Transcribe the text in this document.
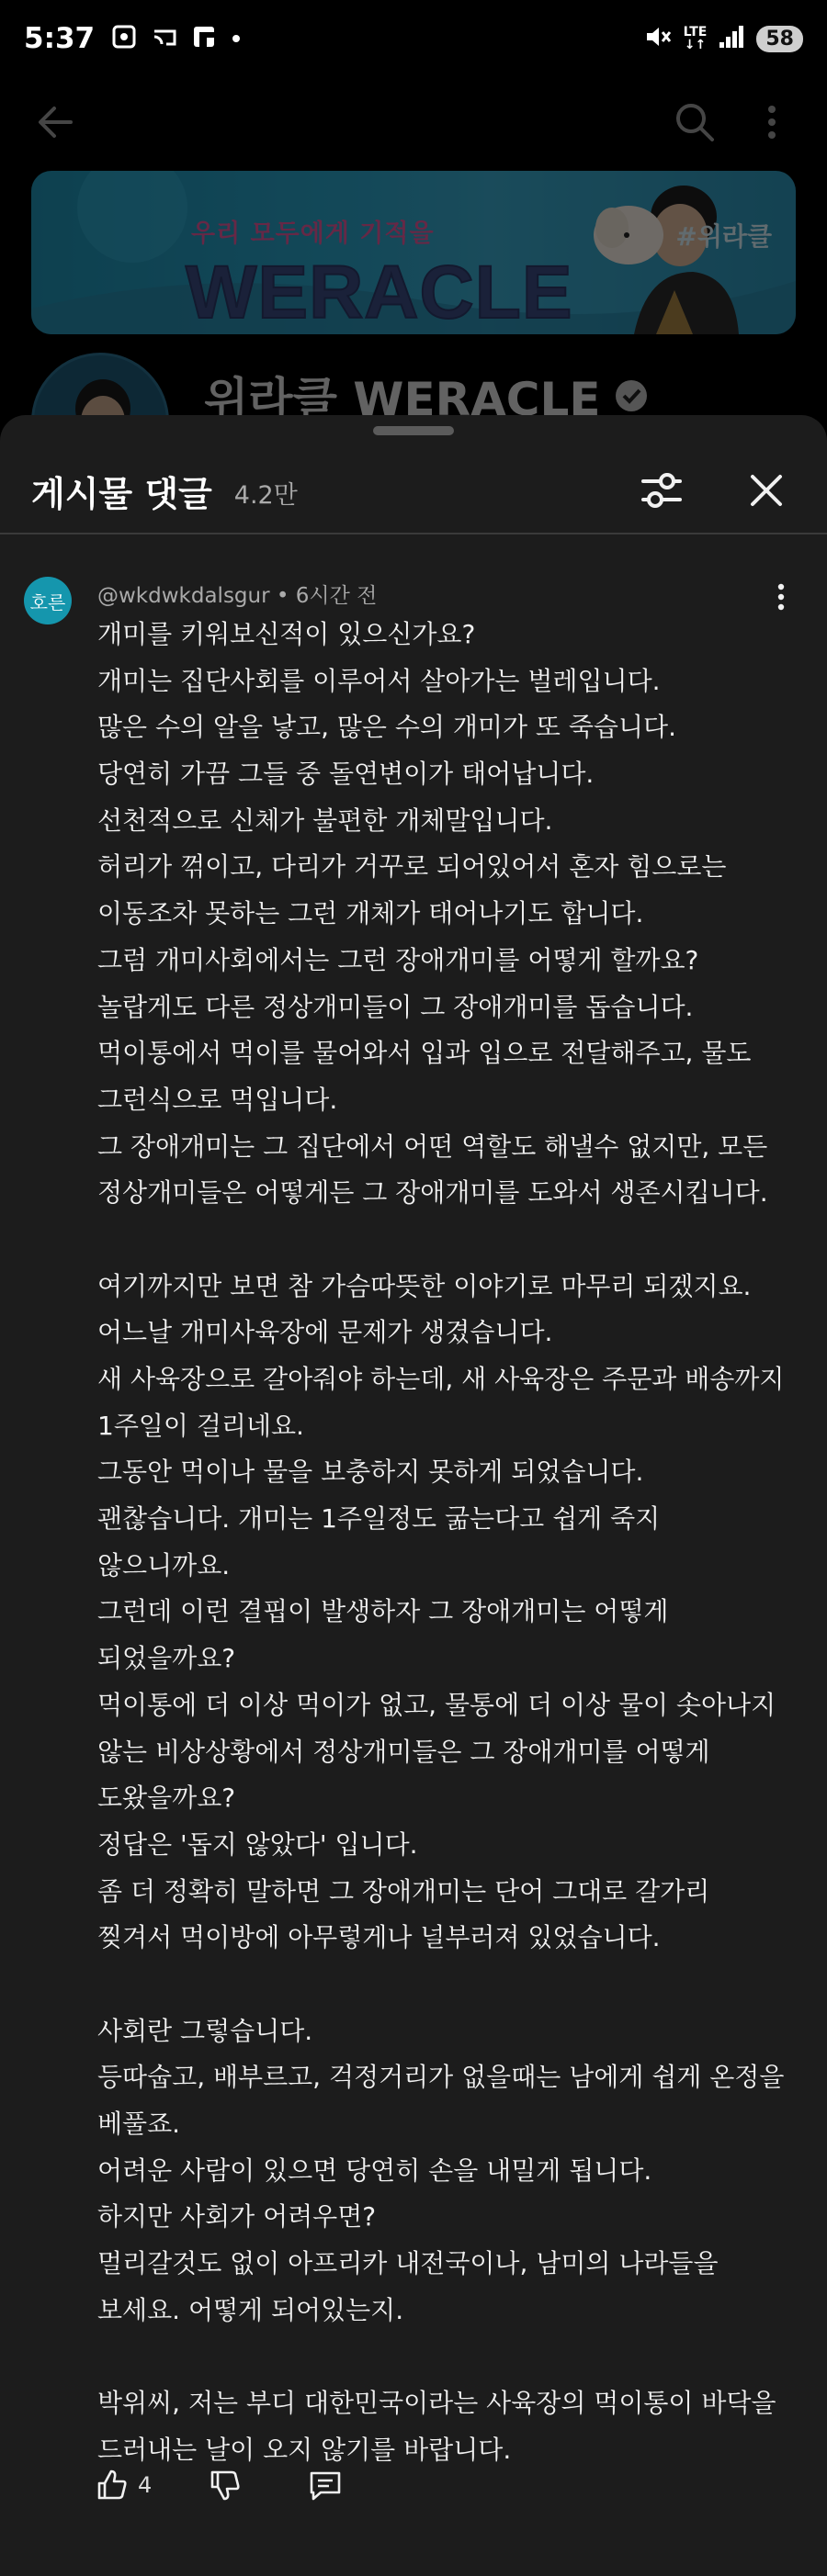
5:37	LTE
↓↑	58
게시물 댓글 4.2만
호른 @wkdwkdalsgur • 6시간 전
개미를 키워보신적이 있으신가요?
개미는 집단사회를 이루어서 살아가는 벌레입니다.
많은 수의 알을 낳고, 많은 수의 개미가 또 죽습니다.
당연히 가끔 그들 중 돌연변이가 태어납니다.
선천적으로 신체가 불편한 개체말입니다.
허리가 꺾이고, 다리가 거꾸로 되어있어서 혼자 힘으로는
이동조차 못하는 그런 개체가 태어나기도 합니다.
그럼 개미사회에서는 그런 장애개미를 어떻게 할까요?
놀랍게도 다른 정상개미들이 그 장애개미를 돕습니다.
먹이통에서 먹이를 물어와서 입과 입으로 전달해주고, 물도
그런식으로 먹입니다.
그 장애개미는 그 집단에서 어떤 역할도 해낼수 없지만, 모든
정상개미들은 어떻게든 그 장애개미를 도와서 생존시킵니다.
여기까지만 보면 참 가슴따뜻한 이야기로 마무리 되겠지요.
어느날 개미사육장에 문제가 생겼습니다.
새 사육장으로 갈아줘야 하는데, 새 사육장은 주문과 배송까지
1주일이 걸리네요.
그동안 먹이나 물을 보충하지 못하게 되었습니다.
괜찮습니다. 개미는 1주일정도 굶는다고 쉽게 죽지
않으니까요.
그런데 이런 결핍이 발생하자 그 장애개미는 어떻게
되었을까요?
먹이통에 더 이상 먹이가 없고, 물통에 더 이상 물이 솟아나지
않는 비상상황에서 정상개미들은 그 장애개미를 어떻게
도왔을까요?
정답은 '돕지 않았다' 입니다.
좀 더 정확히 말하면 그 장애개미는 단어 그대로 갈가리
찢겨서 먹이방에 아무렇게나 널부러져 있었습니다.
사회란 그렇습니다.
등따숩고, 배부르고, 걱정거리가 없을때는 남에게 쉽게 온정을
베풀죠.
어려운 사람이 있으면 당연히 손을 내밀게 됩니다.
하지만 사회가 어려우면?
멀리갈것도 없이 아프리카 내전국이나, 남미의 나라들을
보세요. 어떻게 되어있는지.
박위씨, 저는 부디 대한민국이라는 사육장의 먹이통이 바닥을
드러내는 날이 오지 않기를 바랍니다.
4
